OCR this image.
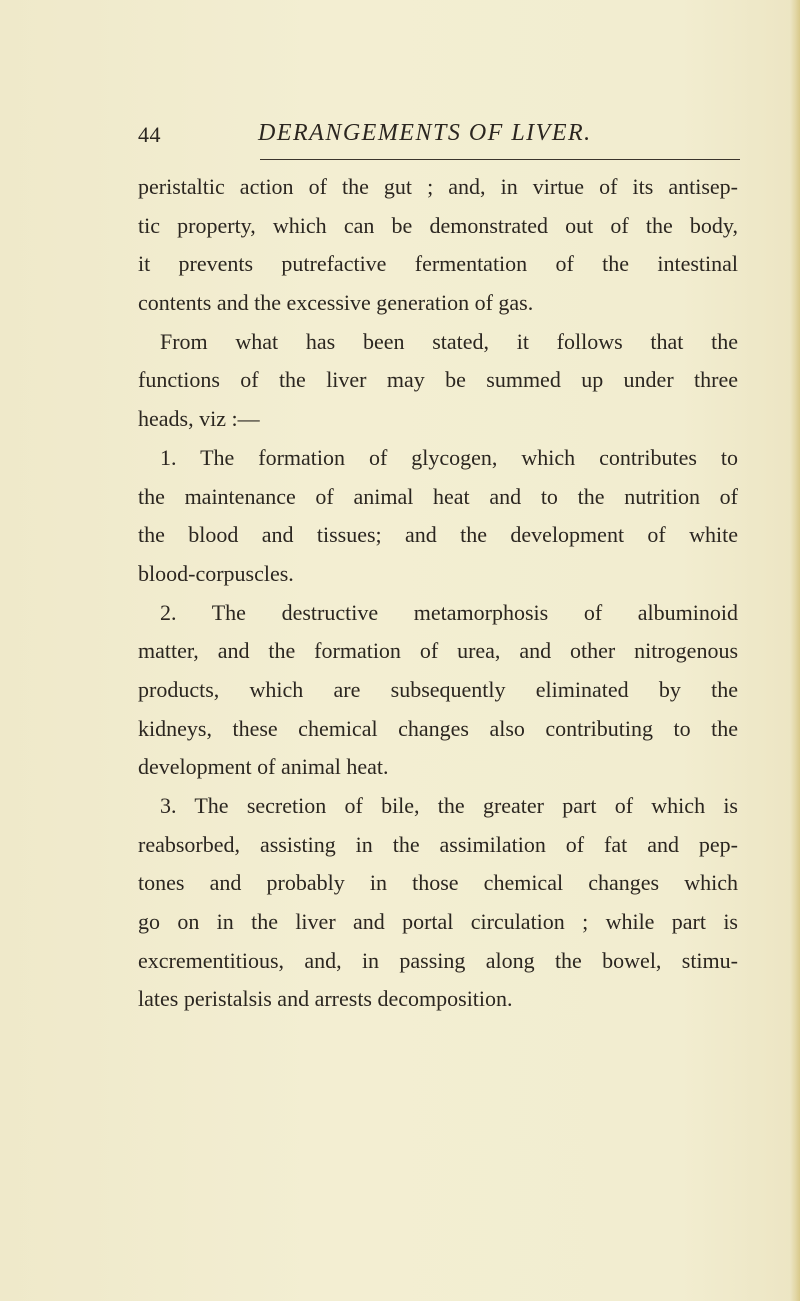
44	DERANGEMENTS OF LIVER.
peristaltic action of the gut ; and, in virtue of its antisep-
tic property, which can be demonstrated out of the body,
it prevents putrefactive fermentation of the intestinal
contents and the excessive generation of gas.
From what has been stated, it follows that the
functions of the liver may be summed up under three
heads, viz :—
1. The formation of glycogen, which contributes to
the maintenance of animal heat and to the nutrition of
the blood and tissues; and the development of white
blood-corpuscles.
2. The destructive metamorphosis of albuminoid
matter, and the formation of urea, and other nitrogenous
products, which are subsequently eliminated by the
kidneys, these chemical changes also contributing to the
development of animal heat.
3. The secretion of bile, the greater part of which is
reabsorbed, assisting in the assimilation of fat and pep-
tones and probably in those chemical changes which
go on in the liver and portal circulation ; while part is
excrementitious, and, in passing along the bowel, stimu-
lates peristalsis and arrests decomposition.
